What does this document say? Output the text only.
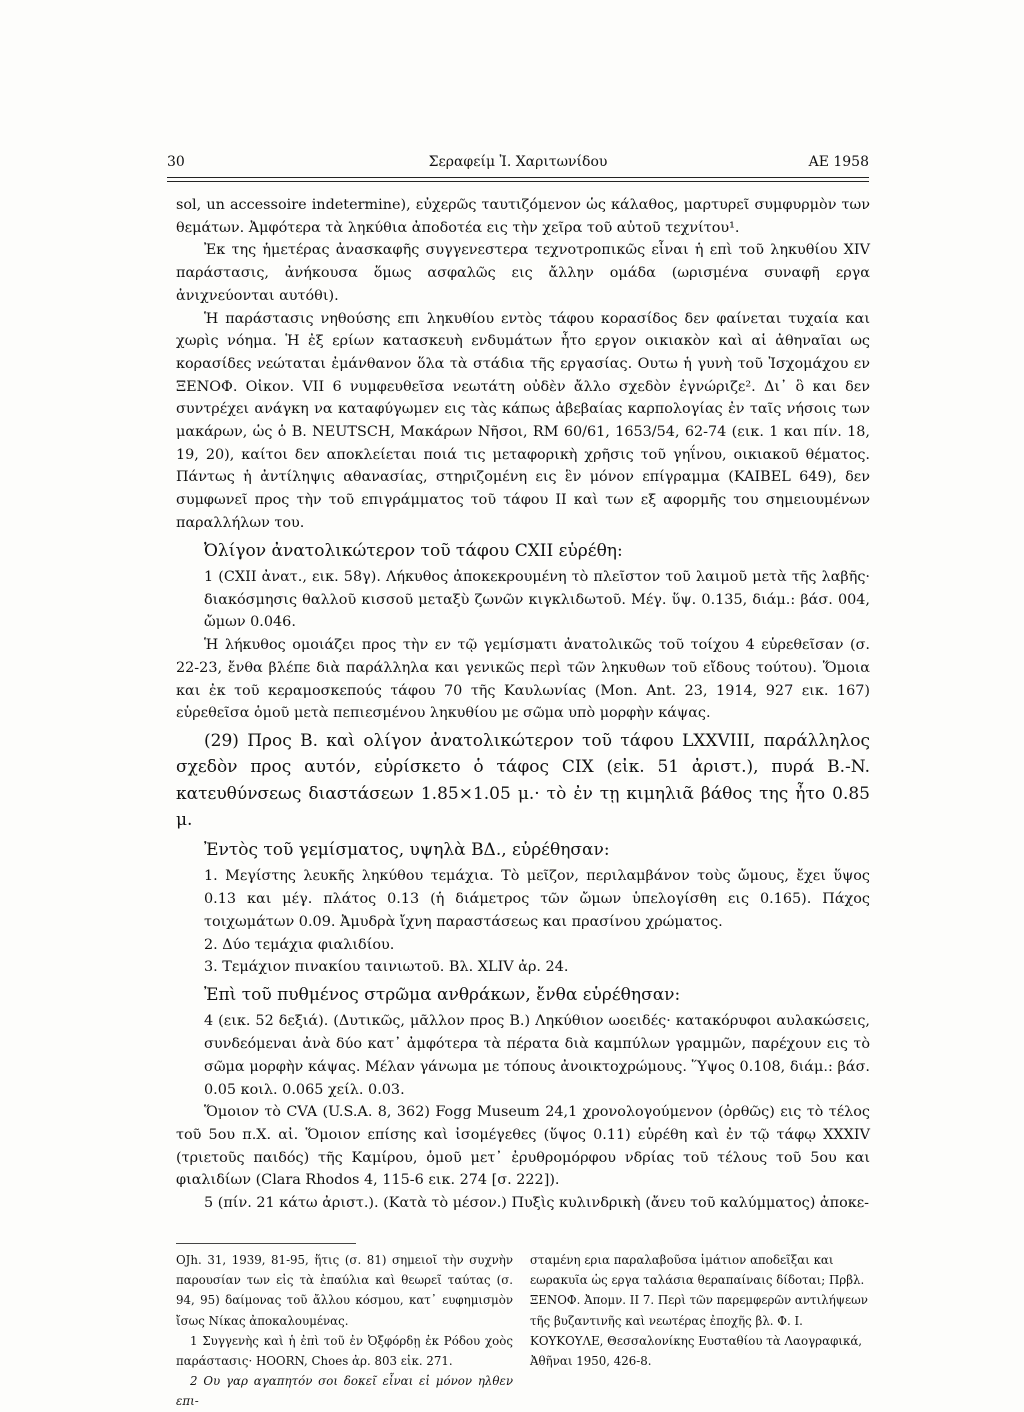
30	Σεραφείμ Ἰ. Χαριτωνίδου	ΑΕ 1958

sol, un accessoire indetermine), εὐχερῶς ταυτιζόμενον ὡς κάλαθος, μαρτυρεῖ συμφυρμὸν των θεμάτων. Ἀμφότερα τὰ ληκύθια ἀποδοτέα εις τὴν χεῖρα τοῦ αὐτοῦ τεχνίτου¹.

Ἐκ της ἡμετέρας ἀνασκαφῆς συγγενεστερα τεχνοτροπικῶς εἶναι ἡ επὶ τοῦ ληκυθίου XIV παράστασις, ἀνήκουσα ὅμως ασφαλῶς εις ἄλλην ομάδα (ωρισμένα συναφῆ εργα ἀνιχνεύονται αυτόθι).

Ἡ παράστασις νηθούσης επι ληκυθίου εντὸς τάφου κορασίδος δεν φαίνεται τυχαία και χωρὶς νόημα. Ἡ ἐξ ερίων κατασκευὴ ενδυμάτων ἦτο εργον οικιακὸν καὶ αἱ ἀθηναῖαι ως κορασίδες νεώταται ἐμάνθανον ὅλα τὰ στάδια τῆς εργασίας. Ουτω ἡ γυνὴ τοῦ Ἰσχομάχου εν ΞΕΝΟΦ. Οἰκον. VII 6 νυμφευθεῖσα νεωτάτη οὐδὲν ἄλλο σχεδὸν ἐγνώριζε². Δι᾿ ὃ και δεν συντρέχει ανάγκη να καταφύγωμεν εις τὰς κάπως ἀβεβαίας καρπολογίας ἐν ταῖς νήσοις των μακάρων, ὡς ὁ B. NEUTSCH, Μακάρων Νῆσοι, RM 60/61, 1653/54, 62-74 (εικ. 1 και πίν. 18, 19, 20), καίτοι δεν αποκλείεται ποιά τις μεταφορικὴ χρῆσις τοῦ γηΐνου, οικιακοῦ θέματος. Πάντως ἡ ἀντίληψις αθανασίας, στηριζομένη εις ἓν μόνον επίγραμμα (KAIBEL 649), δεν συμφωνεῖ προς τὴν τοῦ επιγράμματος τοῦ τάφου II καὶ των εξ αφορμῆς του σημειουμένων παραλλήλων του.

Ὀλίγον ἀνατολικώτερον τοῦ τάφου CXII εὑρέθη:

1 (CXII ἀνατ., εικ. 58γ). Λήκυθος ἀποκεκρουμένη τὸ πλεῖστον τοῦ λαιμοῦ μετὰ τῆς λαβῆς· διακόσμησις θαλλοῦ κισσοῦ μεταξὺ ζωνῶν κιγκλιδωτοῦ. Μέγ. ὕψ. 0.135, διάμ.: βάσ. 004, ὤμων 0.046.

Ἡ λήκυθος ομοιάζει προς τὴν εν τῷ γεμίσματι ἀνατολικῶς τοῦ τοίχου 4 εὑρεθεῖσαν (σ. 22-23, ἔνθα βλέπε διὰ παράλληλα και γενικῶς περὶ τῶν ληκυθων τοῦ εἴδους τούτου). Ὅμοια και ἐκ τοῦ κεραμοσκεπούς τάφου 70 τῆς Καυλωνίας (Mon. Ant. 23, 1914, 927 εικ. 167) εὑρεθεῖσα ὁμοῦ μετὰ πεπιεσμένου ληκυθίου με σῶμα υπὸ μορφὴν κάψας.

(29) Προς B. καὶ ολίγον ἀνατολικώτερον τοῦ τάφου LXXVIII, παράλληλος σχεδὸν προς αυτόν, εὑρίσκετο ὁ τάφος CIX (εἰκ. 51 ἀριστ.), πυρά B.-N. κατευθύνσεως διαστάσεων 1.85×1.05 μ.· τὸ ἐν τῃ κιμηλιᾶ βάθος της ἦτο 0.85 μ.

Ἐντὸς τοῦ γεμίσματος, υψηλὰ ΒΔ., εὑρέθησαν:

1. Μεγίστης λευκῆς ληκύθου τεμάχια. Τὸ μεῖζον, περιλαμβάνον τοὺς ὤμους, ἔχει ὕψος 0.13 και μέγ. πλάτος 0.13 (ἡ διάμετρος τῶν ὤμων ὑπελογίσθη εις 0.165). Πάχος τοιχωμάτων 0.09. Ἀμυδρὰ ἴχνη παραστάσεως και πρασίνου χρώματος.

2. Δύο τεμάχια φιαλιδίου.

3. Τεμάχιον πινακίου ταινιωτοῦ. Βλ. XLIV ἀρ. 24.

Ἐπὶ τοῦ πυθμένος στρῶμα ανθράκων, ἔνθα εὑρέθησαν:

4 (εικ. 52 δεξιά). (Δυτικῶς, μᾶλλον προς B.) Ληκύθιον ωοειδές· κατακόρυφοι αυλακώσεις, συνδεόμεναι ἀνὰ δύο κατ᾿ ἀμφότερα τὰ πέρατα διὰ καμπύλων γραμμῶν, παρέχουν εις τὸ σῶμα μορφὴν κάψας. Μέλαν γάνωμα με τόπους ἀνοικτοχρώμους. Ὕψος 0.108, διάμ.: βάσ. 0.05 κοιλ. 0.065 χείλ. 0.03.

Ὅμοιον τὸ CVA (U.S.A. 8, 362) Fogg Museum 24,1 χρονολογούμενον (ὀρθῶς) εις τὸ τέλος τοῦ 5ου π.Χ. αἰ. Ὅμοιον επίσης καὶ ἰσομέγεθες (ὕψος 0.11) εὑρέθη καὶ ἐν τῷ τάφῳ XXXIV (τριετοῦς παιδός) τῆς Καμίρου, ὁμοῦ μετ᾿ ἐρυθρομόρφου νδρίας τοῦ τέλους τοῦ 5ου και φιαλιδίων (Clara Rhodos 4, 115-6 εικ. 274 [σ. 222]).

5 (πίν. 21 κάτω ἀριστ.). (Κατὰ τὸ μέσον.) Πυξὶς κυλινδρικὴ (ἄνευ τοῦ καλύμματος) ἀποκε-

OJh. 31, 1939, 81-95, ἥτις (σ. 81) σημειοῖ τὴν συχνὴν παρουσίαν των εἰς τὰ ἐπαύλια καὶ θεωρεῖ ταύτας (σ. 94, 95) δαίμονας τοῦ ἄλλου κόσμου, κατ᾿ ευφημισμὸν ἴσως Νίκας ἀποκαλουμένας.

1 Συγγενὴς καὶ ἡ ἐπὶ τοῦ ἐν Ὀξφόρδῃ ἐκ Ρόδου χοὸς παράστασις· HOORN, Choes ἀρ. 803 εἰκ. 271.

2 Ου γαρ αγαπητόν σοι δοκεῖ εἶναι εἰ μόνον ηλθεν επι-

σταμένη ερια παραλαβοῦσα ἱμάτιον αποδεῖξαι και εωρακυῖα ὡς εργα ταλάσια θεραπαίναις δίδοται; Πρβλ. ΞΕΝΟΦ. Ἀπομν. II 7. Περὶ τῶν παρεμφερῶν αντιλήψεων τῆς βυζαντινῆς καὶ νεωτέρας ἐποχῆς βλ. Φ. Ι. ΚΟΥΚΟΥΛΕ, Θεσσαλονίκης Ευσταθίου τὰ Λαογραφικά, Ἀθῆναι 1950, 426-8.
